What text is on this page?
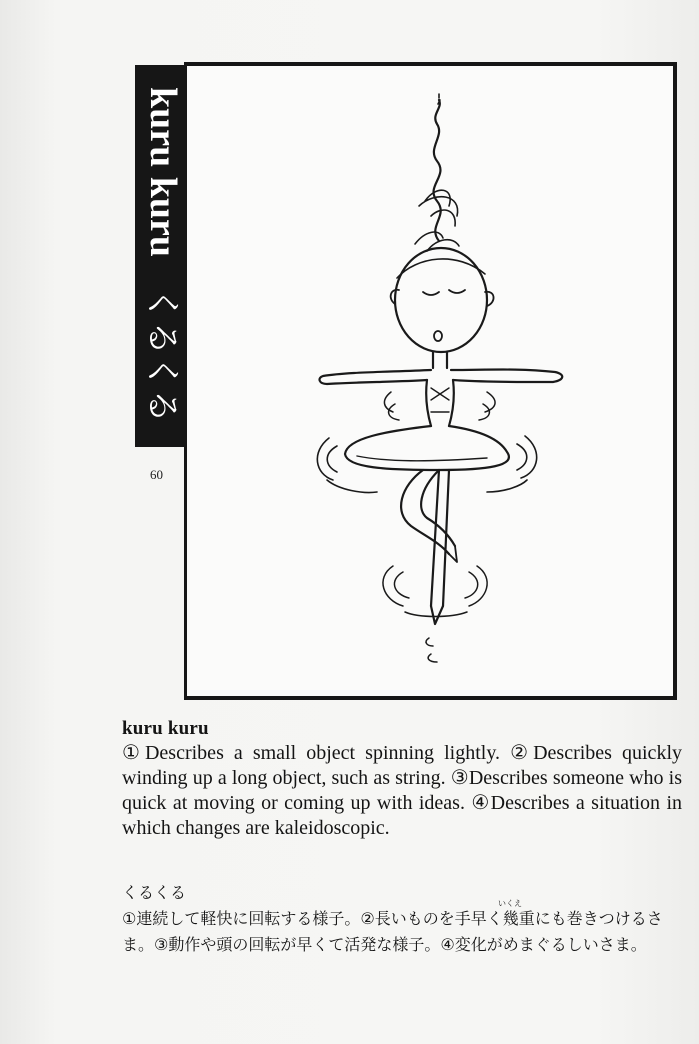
kuru kuru
くるくる
60
kuru kuru

①Describes a small object spinning lightly. ②Describes quickly winding up a long object, such as string. ③Describes someone who is quick at moving or coming up with ideas. ④Describes a situation in which changes are kaleidoscopic.

いくえ
くるくる

①連続して軽快に回転する様子。②長いものを手早く幾重にも巻きつけるさま。③動作や頭の回転が早くて活発な様子。④変化がめまぐるしいさま。
